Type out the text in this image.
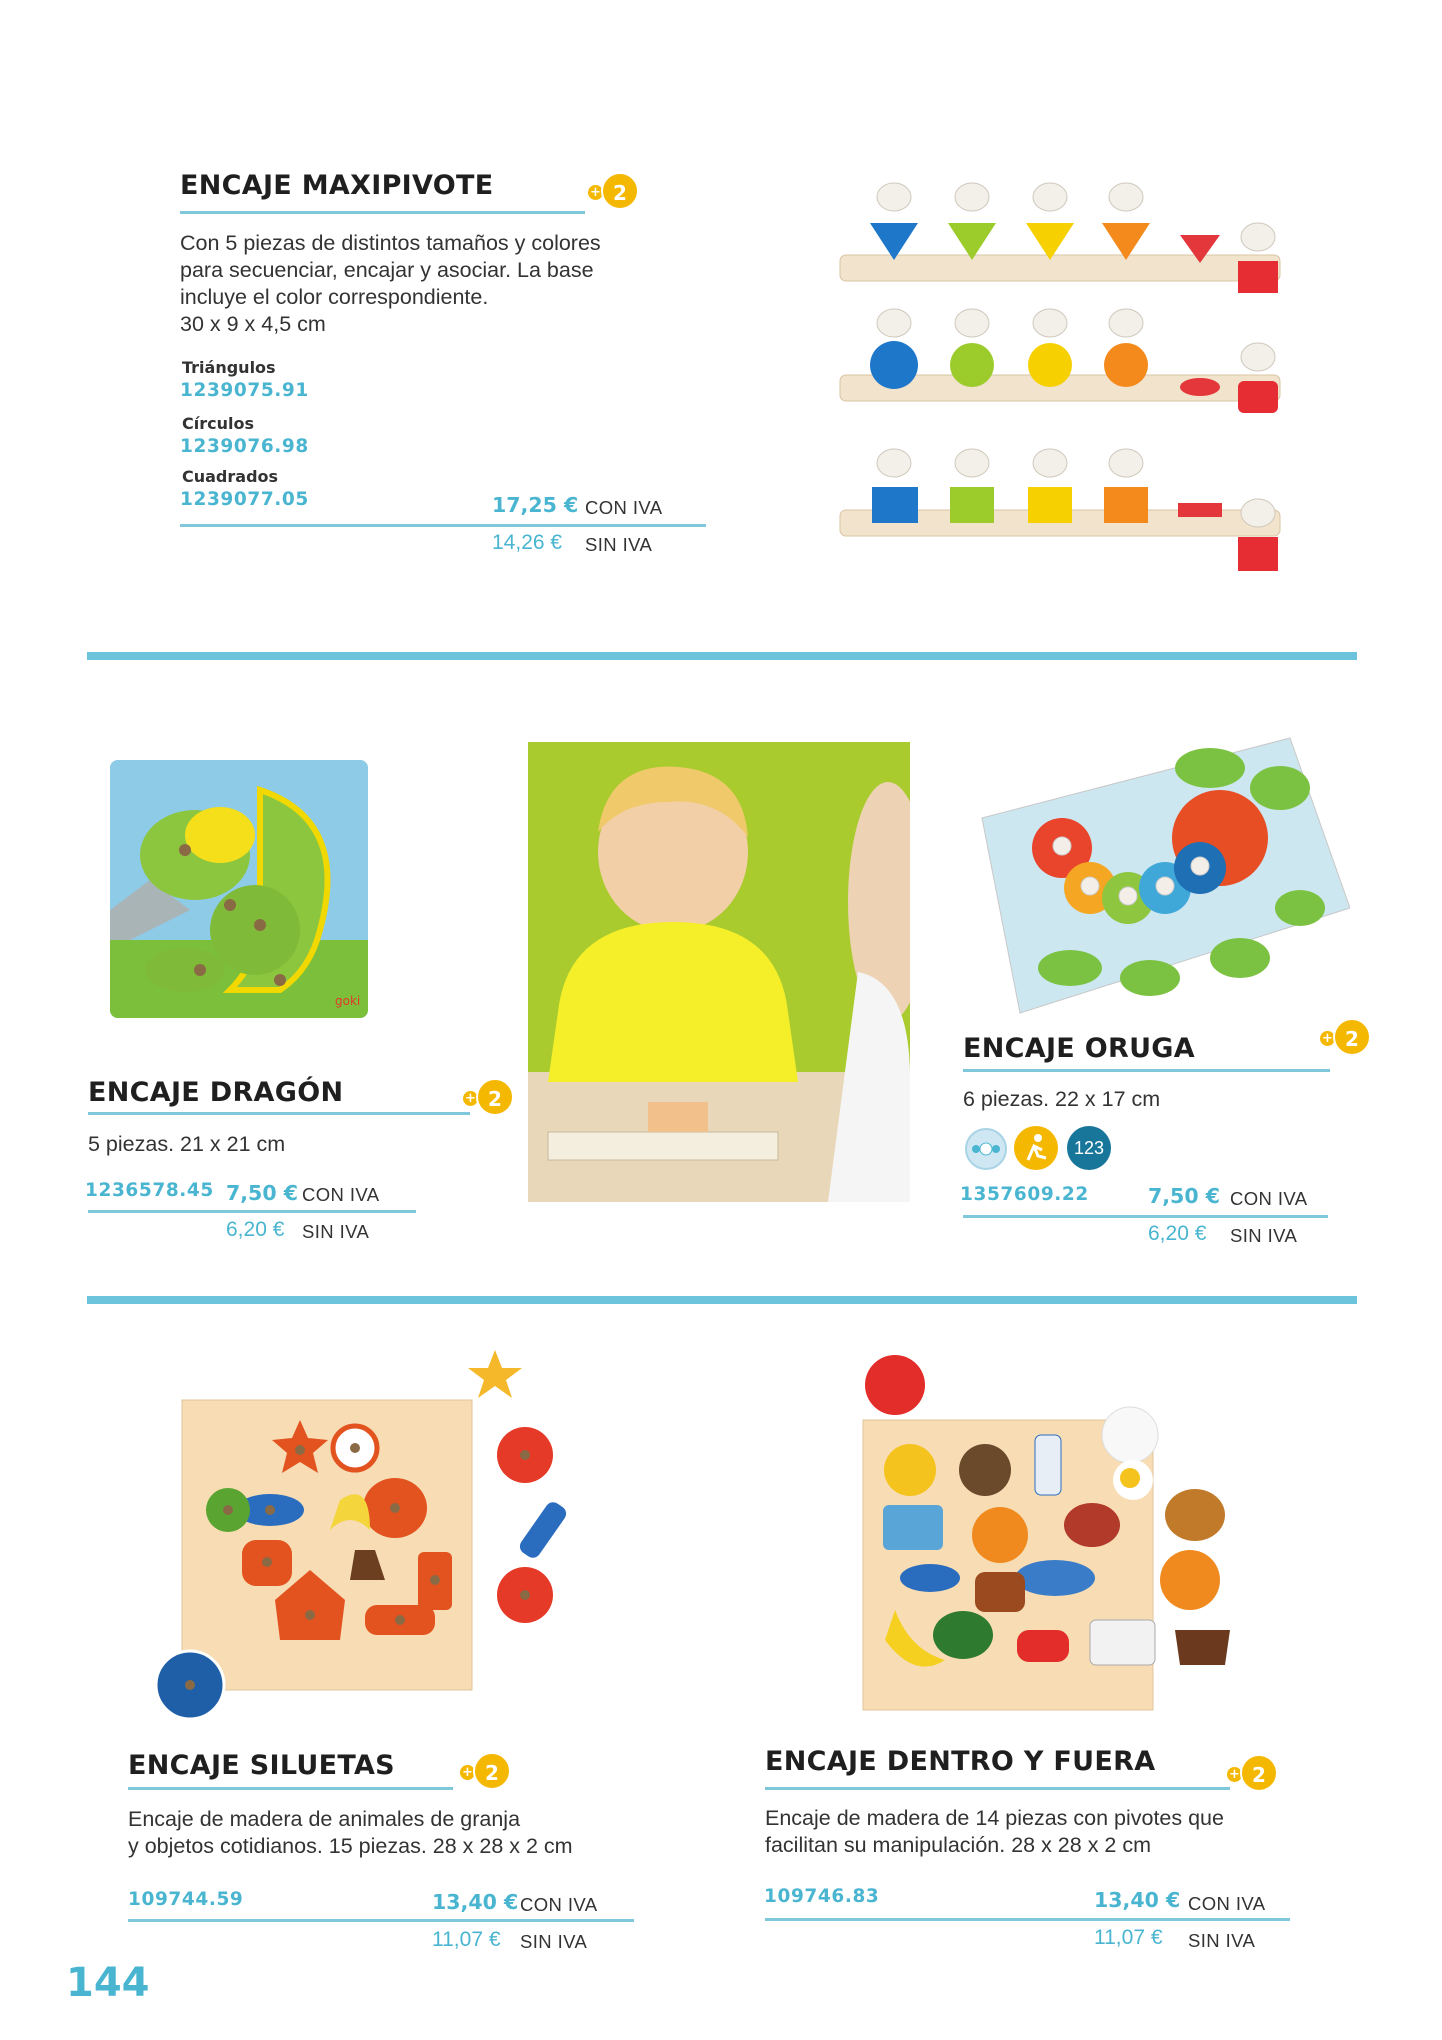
ENCAJE MAXIPIVOTE	+ 2
Con 5 piezas de distintos tamaños y colores
para secuenciar, encajar y asociar. La base
incluye el color correspondiente.
30 x 9 x 4,5 cm
Triángulos
1239075.91
Círculos
1239076.98
Cuadrados
1239077.05	17,25 € CON IVA
14,26 € SIN IVA
goki
ENCAJE DRAGÓN	+ 2
5 piezas. 21 x 21 cm
1236578.45 7,50 € CON IVA
6,20 € SIN IVA
ENCAJE ORUGA	+ 2
6 piezas. 22 x 17 cm
123
1357609.22	7,50 € CON IVA
6,20 € SIN IVA
ENCAJE SILUETAS	+ 2
Encaje de madera de animales de granja
y objetos cotidianos. 15 piezas. 28 x 28 x 2 cm
109744.59	13,40 € CON IVA
11,07 € SIN IVA
ENCAJE DENTRO Y FUERA	+ 2
Encaje de madera de 14 piezas con pivotes que
facilitan su manipulación. 28 x 28 x 2 cm
109746.83	13,40 € CON IVA
11,07 € SIN IVA
144
